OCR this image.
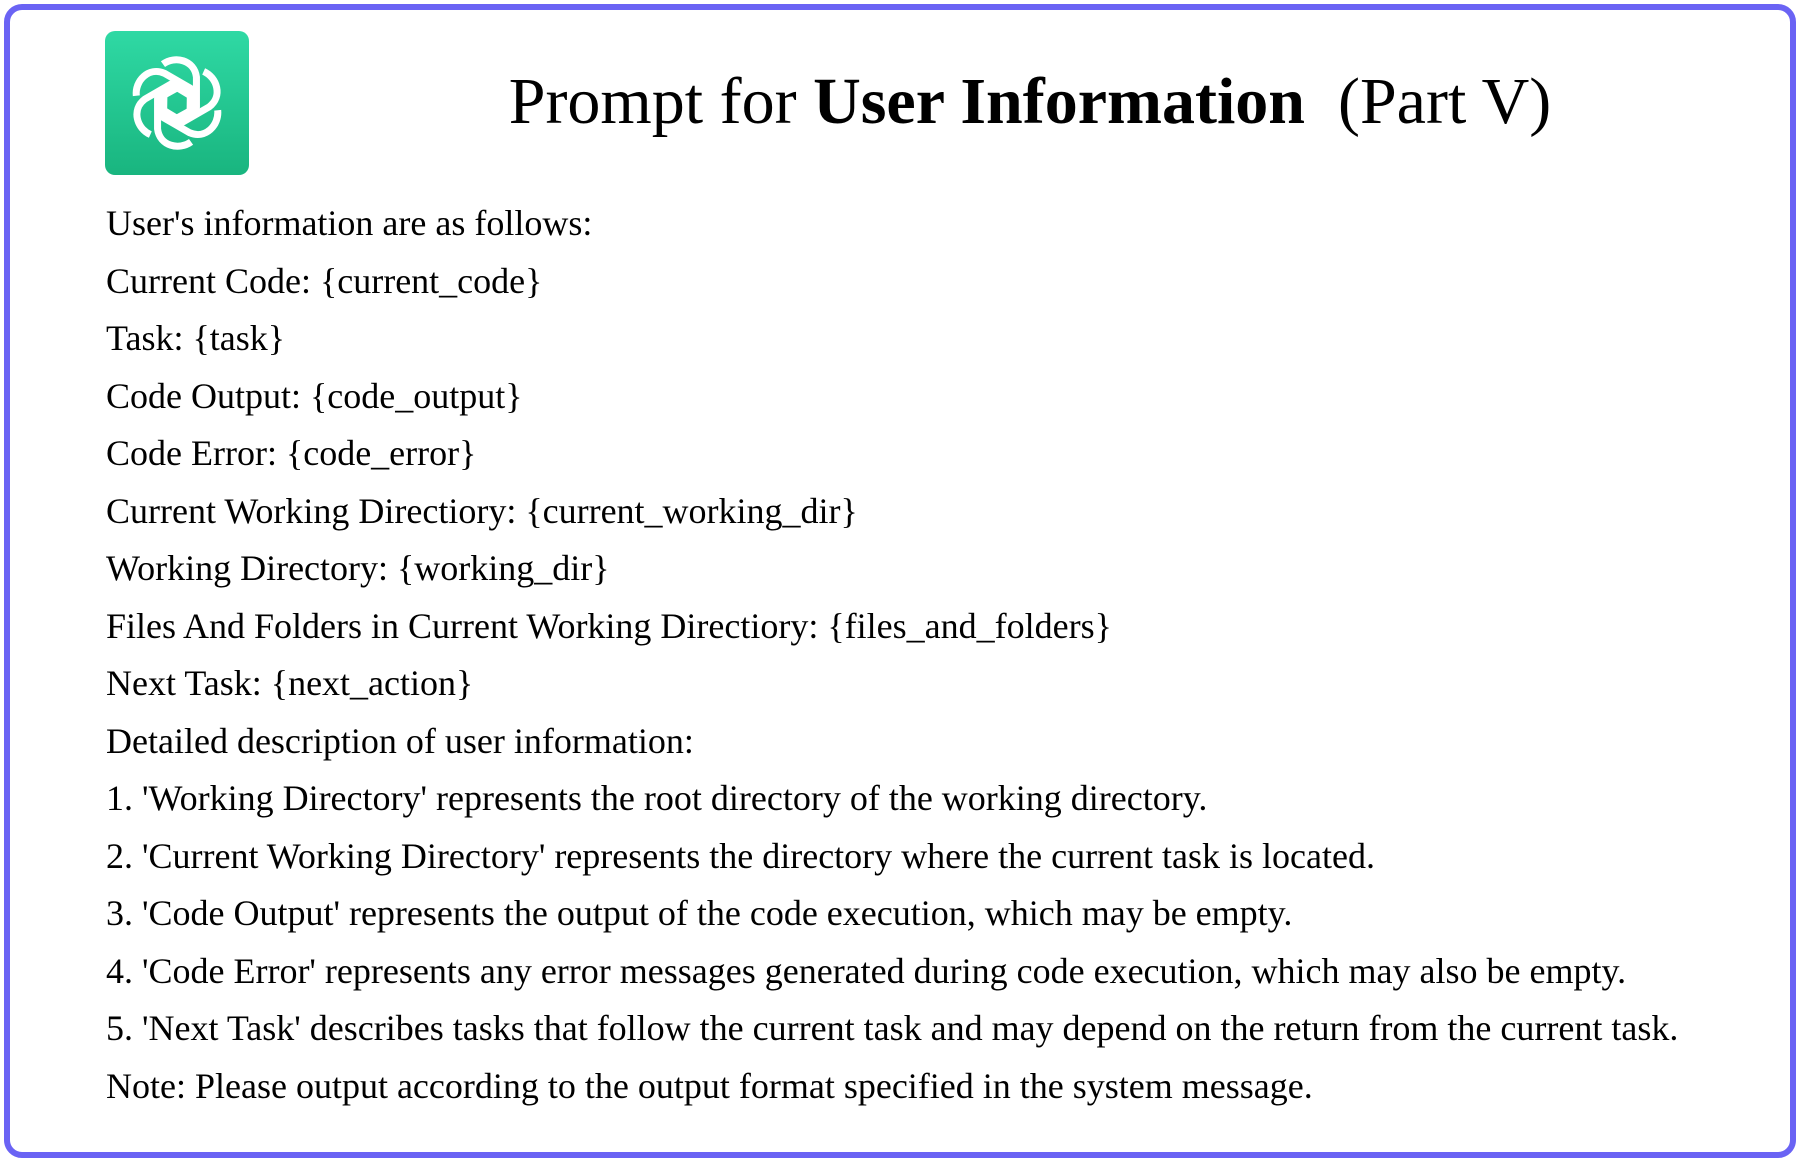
Prompt for User Information  (Part V)
User's information are as follows:
Current Code: {current_code}
Task: {task}
Code Output: {code_output}
Code Error: {code_error}
Current Working Directiory: {current_working_dir}
Working Directory: {working_dir}
Files And Folders in Current Working Directiory: {files_and_folders}
Next Task: {next_action}
Detailed description of user information:
1. 'Working Directory' represents the root directory of the working directory.
2. 'Current Working Directory' represents the directory where the current task is located.
3. 'Code Output' represents the output of the code execution, which may be empty.
4. 'Code Error' represents any error messages generated during code execution, which may also be empty.
5. 'Next Task' describes tasks that follow the current task and may depend on the return from the current task.
Note: Please output according to the output format specified in the system message.
